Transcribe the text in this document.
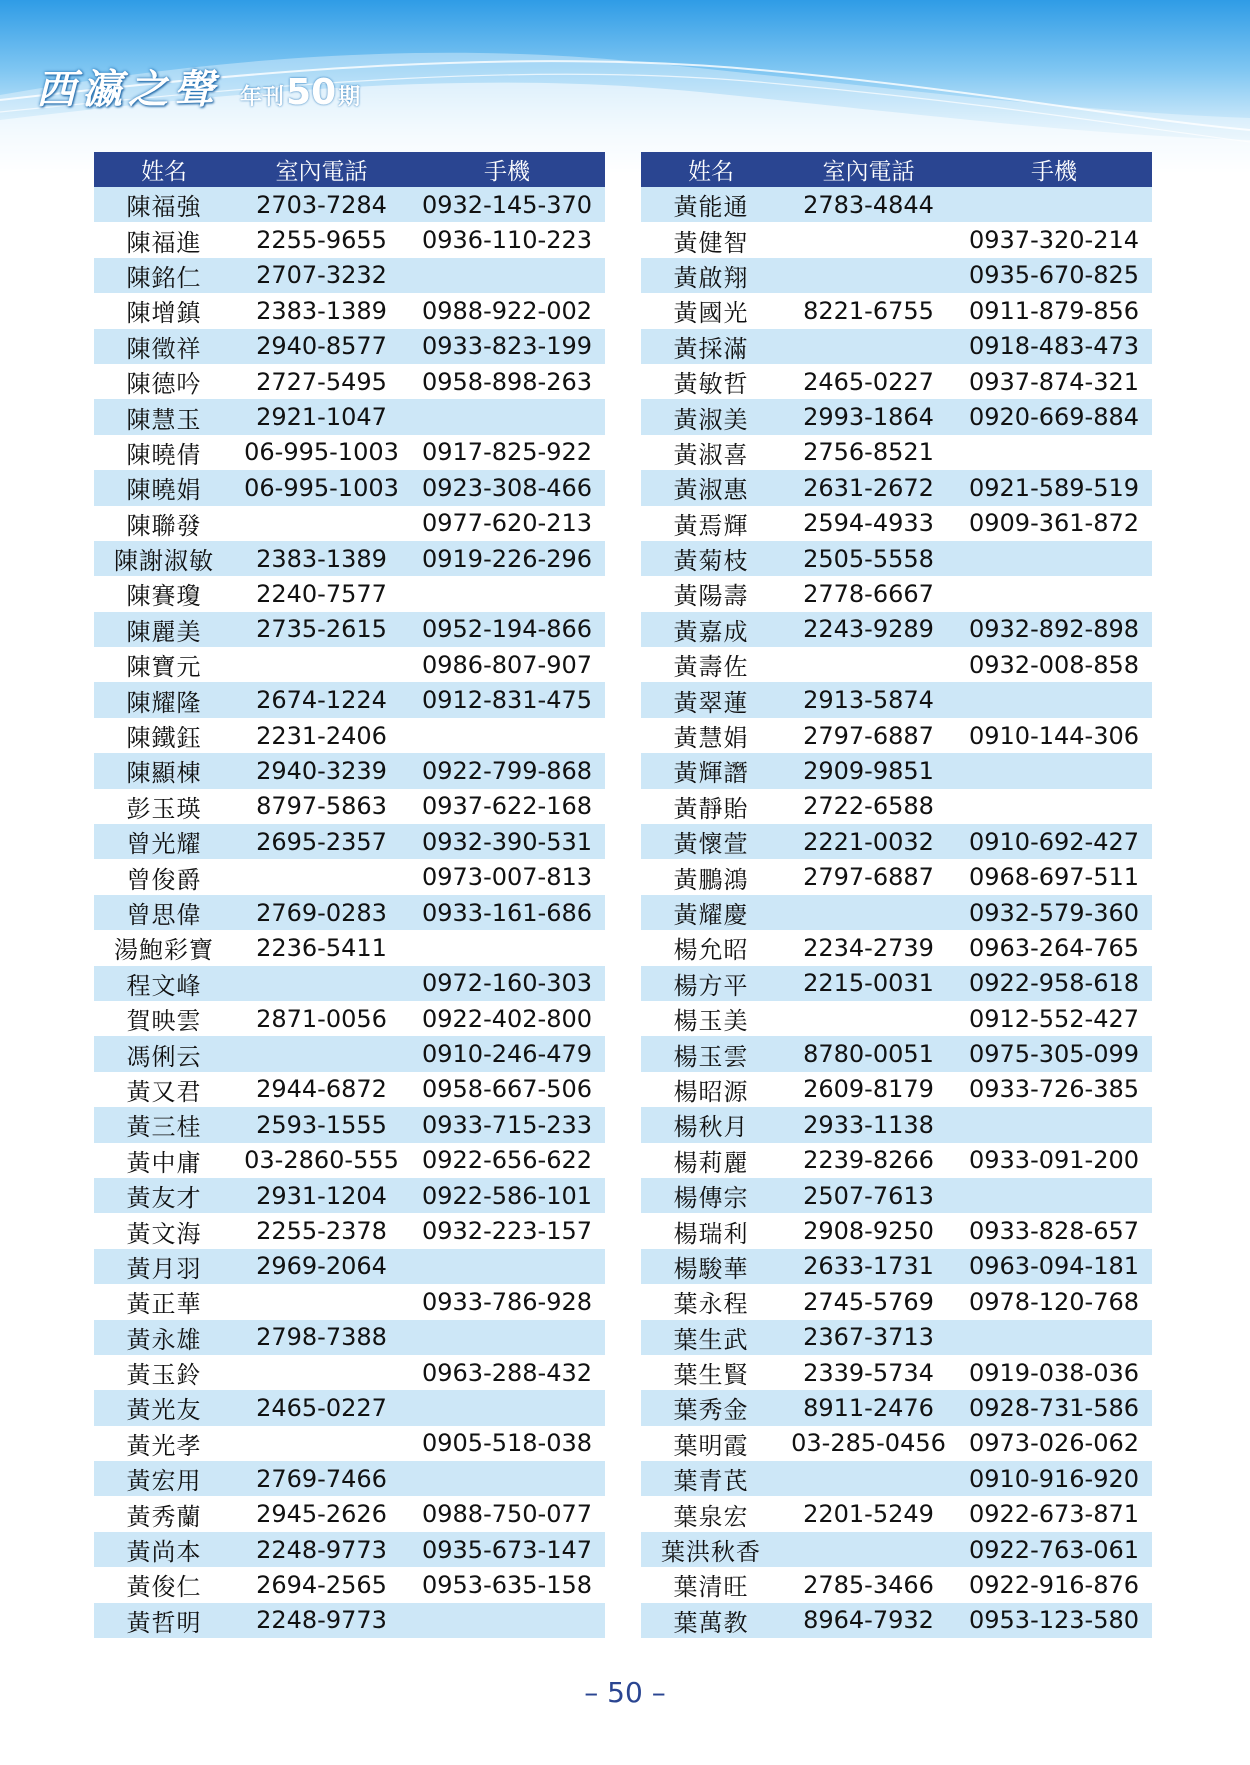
西瀛之聲 年刊 50 期
姓名	室內電話	手機
陳福強	2703-7284	0932-145-370
陳福進	2255-9655	0936-110-223
陳銘仁	2707-3232	
陳增鎮	2383-1389	0988-922-002
陳徵祥	2940-8577	0933-823-199
陳德吟	2727-5495	0958-898-263
陳慧玉	2921-1047	
陳曉倩	06-995-1003	0917-825-922
陳曉娟	06-995-1003	0923-308-466
陳聯發		0977-620-213
陳謝淑敏	2383-1389	0919-226-296
陳賽瓊	2240-7577	
陳麗美	2735-2615	0952-194-866
陳寶元		0986-807-907
陳耀隆	2674-1224	0912-831-475
陳鐵鈺	2231-2406	
陳顯棟	2940-3239	0922-799-868
彭玉瑛	8797-5863	0937-622-168
曾光耀	2695-2357	0932-390-531
曾俊爵		0973-007-813
曾思偉	2769-0283	0933-161-686
湯鮑彩寶	2236-5411	
程文峰		0972-160-303
賀映雲	2871-0056	0922-402-800
馮俐云		0910-246-479
黃又君	2944-6872	0958-667-506
黃三桂	2593-1555	0933-715-233
黃中庸	03-2860-555	0922-656-622
黃友才	2931-1204	0922-586-101
黃文海	2255-2378	0932-223-157
黃月羽	2969-2064	
黃正華		0933-786-928
黃永雄	2798-7388	
黃玉鈴		0963-288-432
黃光友	2465-0227	
黃光孝		0905-518-038
黃宏用	2769-7466	
黃秀蘭	2945-2626	0988-750-077
黃尚本	2248-9773	0935-673-147
黃俊仁	2694-2565	0953-635-158
黃哲明	2248-9773	
姓名	室內電話	手機
黃能通	2783-4844	
黃健智		0937-320-214
黃啟翔		0935-670-825
黃國光	8221-6755	0911-879-856
黃採滿		0918-483-473
黃敏哲	2465-0227	0937-874-321
黃淑美	2993-1864	0920-669-884
黃淑喜	2756-8521	
黃淑惠	2631-2672	0921-589-519
黃焉輝	2594-4933	0909-361-872
黃菊枝	2505-5558	
黃陽壽	2778-6667	
黃嘉成	2243-9289	0932-892-898
黃壽佐		0932-008-858
黃翠蓮	2913-5874	
黃慧娟	2797-6887	0910-144-306
黃輝譖	2909-9851	
黃靜貽	2722-6588	
黃懷萱	2221-0032	0910-692-427
黃鵬鴻	2797-6887	0968-697-511
黃耀慶		0932-579-360
楊允昭	2234-2739	0963-264-765
楊方平	2215-0031	0922-958-618
楊玉美		0912-552-427
楊玉雲	8780-0051	0975-305-099
楊昭源	2609-8179	0933-726-385
楊秋月	2933-1138	
楊莉麗	2239-8266	0933-091-200
楊傳宗	2507-7613	
楊瑞利	2908-9250	0933-828-657
楊駿華	2633-1731	0963-094-181
葉永程	2745-5769	0978-120-768
葉生武	2367-3713	
葉生賢	2339-5734	0919-038-036
葉秀金	8911-2476	0928-731-586
葉明霞	03-285-0456	0973-026-062
葉青芪		0910-916-920
葉泉宏	2201-5249	0922-673-871
葉洪秋香		0922-763-061
葉清旺	2785-3466	0922-916-876
葉萬教	8964-7932	0953-123-580
– 50 –
